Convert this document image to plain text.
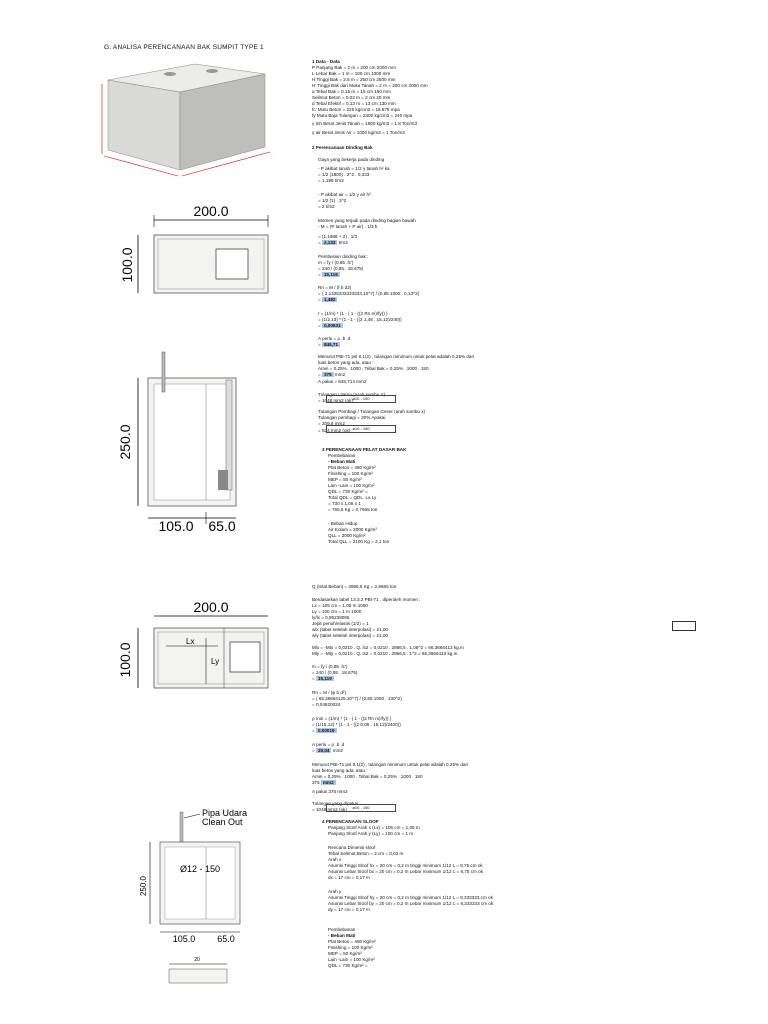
G. ANALISA PERENCANAAN BAK SUMPIT TYPE 1
200.0
100.0
250.0
105.0 65.0
200.0
Lx
Ly
100.0
Pipa Udara
Clean Out
Ø12 - 150
250.0
105.0 65.0
20
1 Data - Data
P Panjang Bak = 2 m = 200 cm 2000 mm
L Lebar Bak = 1 m = 100 cm 1000 mm
H Tinggi Bak = 2.5 m = 250 cm 2500 mm
H' Tinggi Bak dari Muka Tanah = 2 m = 200 cm 2000 mm
a Tebal Bak = 0.15 m = 15 cm 150 mm
Selimut Beton = 0.02 m = 2 cm 20 mm
d Tebal Efektif = 0.13 m = 13 cm 130 mm
fc' Mutu Beton = 225 kg/cm2 = 18.675 mpa
fy Mutu Baja Tulangan = 2400 kg/cm2 = 240 mpa
γ tnh Berat Jenis Tanah = 1800 kg/m3 = 1.8 Ton/m3
γ air Berat Jenis Air = 1000 kg/m3 = 1 Ton/m3
2 Perencanaan Dinding Bak
Gaya yang bekerja pada dinding
- P akibat tanah = 1/2 γ tanah h² ka
= 1/2 (1800) . 2^2 . 0,333
= 1,199 t/m3
- P akibat air = 1/2 γ air h²
= 1/2 (1) . 2^2
= 2 t/m2
Momen yang terjadi pada dinding bagian bawah
- M = (P tanah + P air) . 1/3 h
= (1,1988 + 2) . 1/3
= 2,133 t/m3
Pembesian dinding bak :
m = fy / (0,85 .fc')
= 240 / (0,85 . 18,675)
= 15,119
Rn = M / (f b d2)
= ( 2,1325333333333.10^7) / (0,85 1000 . 0,13^2)
= 1,482
r = (1/m) * (1 - ( 1 - ((2 Rn m)/fy)) )
= (1/2,13) * (1 - 1 - ((2 1,48 . 15,12)/240))
= 0,00631
A perlu = ρ .b .d
= 845,71
Menurut PBI-71 psl 9.1(2) , tulangan minimum untuk pelat adalah 0,25% dari
luas beton yang ada, atau :
Amin = 0,25% . 1000 . Tebal Bak = 0,25% . 1000 . 150
= 375 mm2
A pakai = 845,714 mm2
Tulangan Utama (Arah sumbu Y)
= 1048 mm2 (ok)
Tulangan Pembagi / Tulangan Geser (arah sumbu x)
Tulangan pembagi = 20% Apakai
= 209,6 mm2
= 524 mm2 (ok)
3 PERENCANAAN PELAT DASAR BAK
Pembebanan
- Beban Mati
Plat Beton = 480 Kg/m²
Finishing = 100 Kg/m²
MEP = 50 Kg/m²
Lain -Lain = 100 Kg/m²
QDL = 730 Kg/m² =
Total QDL = QDL. Lx.Ly
= 730 x 1,05 x 1
= 766,5 Kg = 0,7665 ton
- Beban Hidup
Air Kolam = 2000 Kg/m²
QLL = 2000 Kg/m²
Total QLL = 2100 Kg = 2,1 ton
Q (total Beban) = 2866,5 Kg = 2,8665 ton
Berdasarkan tabel 13.3.2 PBI-71 , diperoleh momen :
Lx = 105 cm = 1,05 m 1050
Ly = 100 cm = 1 m 1000
ly/lx = 0,95238095
Jepit penuh/elastis (1/2) = 1
wlx (tabel setelah interpolasi) = 21,00
wly (tabel setelah interpolasi) = 21,00
Mlx = -Mtx = 0,0210 . Q. lx2 = 0,0210 . 2866,5 . 1,05^2 = 66,3666413 kg.m
Mly = -Mty = 0,0210 . Q. lx2 = 0,0210 . 2866,5 . 1^2 = 66,3666413 kg.m
m = fy / (0,85 .fc')
= 240 / (0,85 . 18,675)
= 15,119
Rn = M / (φ b d²)
= ( 65,36664125.10^7) / (0,85 1000 . 130^2)
= 0,04620024
ρ min = (1/m) * (1 - ( 1 - ((2 Rn m)/fy)) )
= (1/15,12) * (1 - 1 - ((2 0,05 . 15,12)/2400))
= 0,00019
A perlu = ρ .b .d
= 25,04 mm2
Menurut PBI-71 psl 9.1(2) , tulangan minimum untuk pelat adalah 0,25% dari
luas beton yang ada, atau :
Amin = 0,25% . 1000 . Tebal Bak = 0,25% . 1000 . 150
375 mm2
A pakai 375 mm2
Tulangan yang dipakai
= 1048 mm2 (ok)
4 PERENCANAAN SLOOF
Panjang Sloof Arah x (Lx) = 105 cm = 1,05 m
Panjang Sloof Arah y (Ly) = 100 cm = 1 m
Rencana Dimensi sloof
Tebal Selimut Beton = 3 cm = 0,03 m
Arah x
Asumsi Tinggi Sloof hx = 20 cm = 0,2 m tinggi minimum 1/12 L = 8,75 cm ok
Asumsi Lebar Sloof bx = 20 cm = 0,2 m Lebar minimum 1/12 L = 8,75 cm ok
dx = 17 cm = 0,17 m
Arah y
Asumsi Tinggi Sloof hy = 20 cm = 0,2 m tinggi minimum 1/12 L = 8,333333 cm ok
Asumsi Lebar Sloof by = 20 cm = 0,2 m Lebar minimum 1/12 L = 8,333333 cm ok
dy = 17 cm = 0,17 m
Pembebanan
- Beban Mati
Plat Beton = 480 Kg/m²
Finishing = 100 Kg/m²
MEP = 50 Kg/m²
Lain -Lain = 100 Kg/m²
QDL = 730 Kg/m² =
ø10 - 150
ø10 - 150
ø10 - 150
